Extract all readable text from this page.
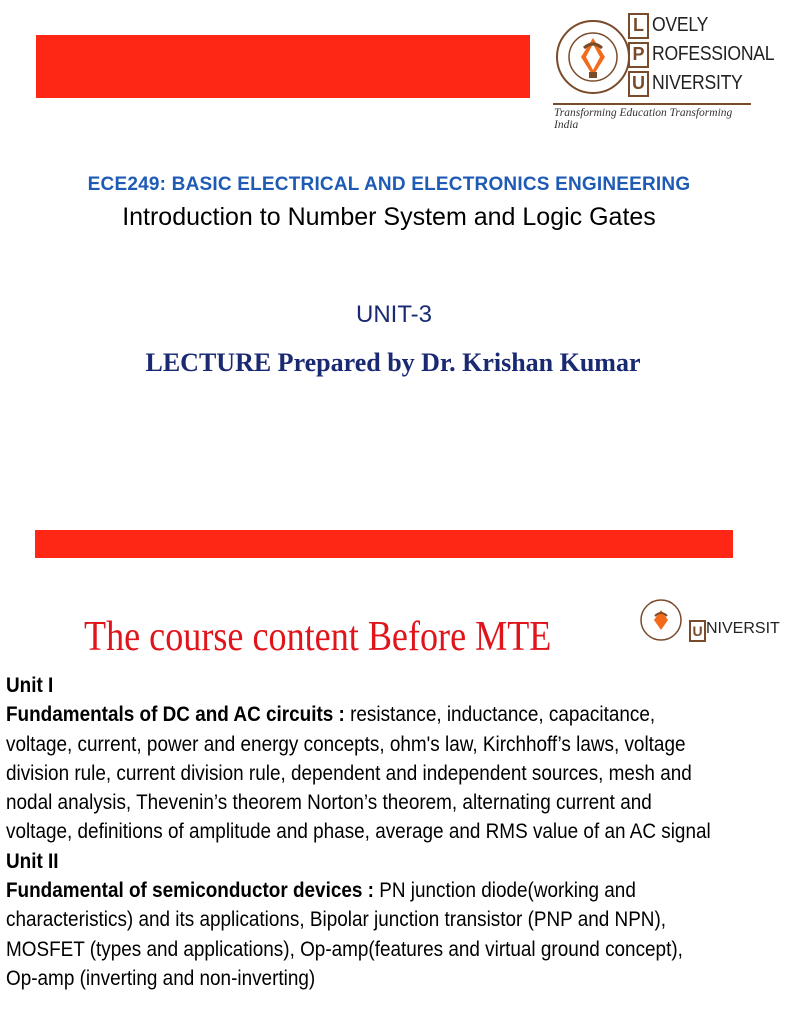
L OVELY
P ROFESSIONAL
U NIVERSITY
Transforming Education Transforming India
ECE249: BASIC ELECTRICAL AND ELECTRONICS ENGINEERING
Introduction to Number System and Logic Gates
UNIT-3
LECTURE Prepared by Dr. Krishan Kumar
The course content Before MTE	U NIVERSIT
Unit I
Fundamentals of DC and AC circuits : resistance, inductance, capacitance,
voltage, current, power and energy concepts, ohm's law, Kirchhoff’s laws, voltage
division rule, current division rule, dependent and independent sources, mesh and
nodal analysis, Thevenin’s theorem Norton’s theorem, alternating current and
voltage, definitions of amplitude and phase, average and RMS value of an AC signal
Unit II
Fundamental of semiconductor devices : PN junction diode(working and
characteristics) and its applications, Bipolar junction transistor (PNP and NPN),
MOSFET (types and applications), Op-amp(features and virtual ground concept),
Op-amp (inverting and non-inverting)
